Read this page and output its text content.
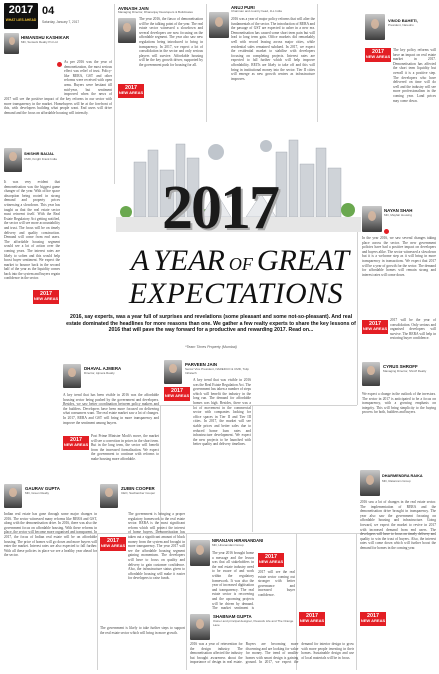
2017
WHAT LIES AHEAD
04
Saturday, January 7, 2017
HIMANSHU KASHIKAR
MD, Sunteck Realty Pvt Ltd
As per 2016 was the year of demonetization, the most serious effect was relief of trust. Policy-like RERA, GST and other reforms were received with open arms. Buyers were hesitant till mid-year, but sentiment improved when the news of
2017 will see the positive impact of the key reforms in our sector with more transparency in the market. Homebuyers will be at the forefront of this, with developers building what people want. End users will drive demand and the focus on affordable housing will intensify.
SHISHIR BAIJAL
CMD, Knight Frank India
It was very evident that demonetisation was the biggest game changer of the year. With office space absorption being rooted in strong demand and property prices witnessing a slowdown. This year has taught us that the real estate sector must reinvent itself. With the Real Estate Regulatory Act getting notified, the sector will see more accountability and trust. The focus will be on timely delivery and quality construction. Demand will come from end users. The affordable housing segment would see a lot of action over the coming years. The interest rates are likely to soften and this would help boost buyer sentiment. We expect the market to bounce back in the second half of the year as the liquidity comes back into the system and buyers regain confidence in the sector.
2017
NEW AREAS
AVINASH JAIN
Managing Director, Dhananjay Developers & Buildmates
The year 2016, the fiasco of demonetisation will be the talking point of the year. The real estate sector witnessed a slowdown and several developers are now focusing on the affordable segment. The year also saw new regulations being introduced to bring in transparency. In 2017, we expect a lot of consolidation in the sector and only serious players will survive. Affordable housing will be the key growth driver, supported by the government push for housing for all.
2017
NEW AREAS
ANUJ PURI
Chairman and country head, JLL India
2016 was a year of major policy reforms that will alter the fundamentals of the sector. The introduction of RERA and the passage of GST are expected to usher in a new era. Demonetisation has caused some short term pain but will lead to long term gain. Office markets did remarkably well with record leasing across major cities, while residential sales remained subdued. In 2017, we expect the residential market to stabilise with developers focusing on completing projects. Interest rates are expected to fall further which will help improve affordability. REITs are likely to take off and this will bring in institutional money into the sector. Tier II cities will emerge as new growth centres as infrastructure improves.
VINOD BAHETI,
President, Naredco
2017
NEW AREAS
The key policy reforms will have an impact on real estate market in 2017. Demonetisation has affected the short term liquidity but overall it is a positive step. The developers who have delivered on time will do well and the industry will see more professionalism in the coming year. Land prices may come down.
2017
A YEAR OF GREAT
EXPECTATIONS
2016, say experts, was a year full of surprises and revelations (some pleasant and some not-so-pleasant). And real estate dominated the headlines for more reasons than one. We gather a few realty experts to share the key lessons of 2016 that will pave the way forward for a productive and rewarding 2017. Read on...
*Team Times Property (Mumbai)
NAYAN SHAH
MD, Mayfair Housing
In the year 2016, we saw several changes taking place across the sector. The new government policies have had a positive impact on developers and buyers alike. The sector witnessed a slowdown but it is a welcome step as it will bring in more transparency in transactions. We expect that 2017 will be a year of growth for the sector. The demand for affordable homes will remain strong and interest rates will come down.
2017
NEW AREAS
2017 will be the year of consolidation. Only serious and organised developers will survive. The RERA will help in restoring buyer confidence.
DHAVAL AJMERA
Director, Ajmera Realty
A key trend that has been visible in 2016 was the affordable housing sector being pushed by the government and developers. Besides, we saw better coordination between policy makers and the builders. Developers have been more focused on delivering what consumers want. The real estate market saw a lot of changes. In 2017, RERA and GST will bring in more transparency and improve the sentiment among buyers.
2017
NEW AREAS
Post Prime Minister Modi's move, the market will see a correction in prices in the short term. But in the long term, the sector will benefit from the increased formalisation. We expect the government to continue with reforms to make housing more affordable.
PARVEEN JAIN
Senior Vice President, NAREDCO & CMD, Tulip Infratech
2017
NEW AREAS
A key trend that was visible in 2016 was the Real Estate Regulation Act. The government has taken a number of steps which will benefit the industry in the long run. The demand for affordable homes was high. Besides, there was a lot of movement in the commercial sector with companies looking for office spaces in Tier II and Tier III cities. In 2017, the market will see stable prices and better sales due to reduced home loan rates and infrastructure development. We expect the new projects to be launched with better quality and delivery timelines.
CYRUS SHROFF
Managing Director, Shroff Realty
We expect a change in the outlook of the investors. The sector in 2017 is anticipated to be a focus on transparency, with a growing emphasis on integrity. This will bring simplicity to the buying process for both, builders and buyers.
GAURAV GUPTA
MD, Green Realty
Indian real estate has gone through some major changes in 2016. The sector witnessed many reforms like RERA and GST, along with the demonetisation drive. In 2016, there was also the government focus on affordable housing. With these reforms in place, the sector will become more organised and transparent. In 2017, the focus of Indian real estate will be on affordable housing. The price of homes will go down and more buyers will enter the market. Interest rates are also expected to fall further. With all these policies in place we see a healthy year ahead for the sector.
ZUBIN COOPER
CEO, Sachamber Cooper
2017
NEW AREAS
The government is bringing a proper regulatory framework to the real estate sector. RERA is the most significant reform which will protect the interest of home buyers. Demonetisation has taken out a significant amount of black money from the system and brought in more transparency. The year 2017 will see the affordable housing segment gaining momentum. The developers will have to focus on quality and delivery to gain customer confidence. Also, the infrastructure status given to affordable housing will make it easier for developers to raise funds.
The government is likely to take further steps to support the real estate sector which will bring in more growth.
NIRANJAN HIRANANDANI
MD, Hiranandani Group
The year 2016 brought home a message and the lesson was that all stakeholders in the real estate industry need to be aware of and work within the regulatory framework. It was also the year of increased digitisation and transparency. The real estate sector is recovering and the upcoming projects will be driven by demand. The market sentiment is
2017
NEW AREAS
2017 will see the real estate sector coming out stronger with better governance and increased buyer confidence.
SHABNAM GUPTA
Owner and principal designer, Peacock Life and The Orange Lane
2016 was a year of reinvention for the design industry. The demonetisation affected the industry but brought awareness about the importance of design in real estate. Buyers are becoming more discerning and are looking for value for money. The trend of smaller homes with smart design is gaining ground. In 2017, we expect the demand for interior design to grow with more people investing in their homes. Sustainable design and use of local materials will be in focus.
2017
NEW AREAS
DHARMENDRA RAIKA
MD, Ratanram Group
2016 saw a lot of changes in the real estate sector. The implementation of RERA and the demonetisation drive brought in transparency. The year also saw the government focusing on affordable housing and infrastructure. Going forward, we expect the market to revive in 2017 with increased demand from end users. The developers will have to focus on timely delivery and quality to win the trust of buyers. Also, the interest rates will come down which will further boost the demand for homes in the coming year.
2017
NEW AREAS
